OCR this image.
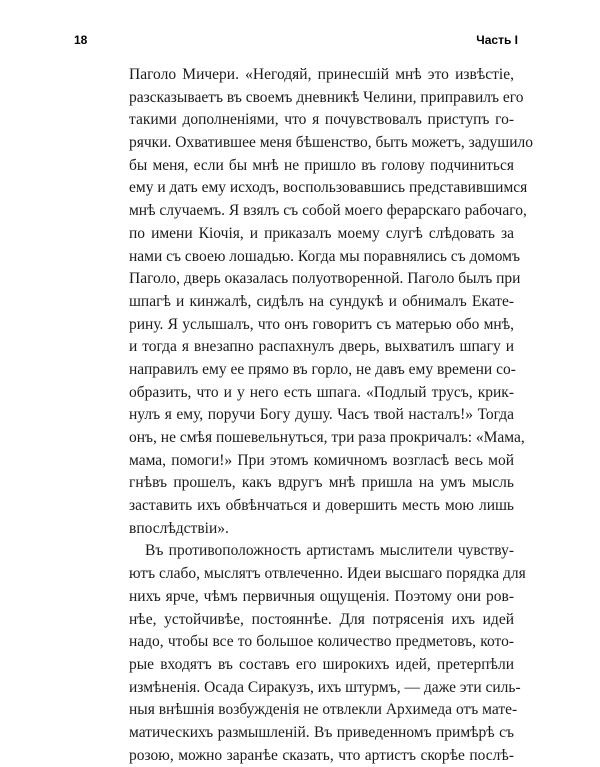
18	Часть I
Паголо Мичери. «Негодяй, принесшій мнѣ это извѣстіе,
разсказываетъ въ своемъ дневникѣ Челини, приправилъ его
такими дополненіями, что я почувствовалъ приступъ го-
рячки. Охватившее меня бѣшенство, быть можетъ, задушило
бы меня, если бы мнѣ не пришло въ голову подчиниться
ему и дать ему исходъ, воспользовавшись представившимся
мнѣ случаемъ. Я взялъ съ собой моего ферарскаго рабочаго,
по имени Кіочія, и приказалъ моему слугѣ слѣдовать за
нами съ своею лошадью. Когда мы поравнялись съ домомъ
Паголо, дверь оказалась полуотворенной. Паголо былъ при
шпагѣ и кинжалѣ, сидѣлъ на сундукѣ и обнималъ Екате-
рину. Я услышалъ, что онъ говоритъ съ матерью обо мнѣ,
и тогда я внезапно распахнулъ дверь, выхватилъ шпагу и
направилъ ему ее прямо въ горло, не давъ ему времени со-
образить, что и у него есть шпага. «Подлый трусъ, крик-
нулъ я ему, поручи Богу душу. Часъ твой насталъ!» Тогда
онъ, не смѣя пошевельнуться, три раза прокричалъ: «Мама,
мама, помоги!» При этомъ комичномъ возгласѣ весь мой
гнѣвъ прошелъ, какъ вдругъ мнѣ пришла на умъ мысль
заставить ихъ обвѣнчаться и довершить месть мою лишь
впослѣдствіи».
Въ противоположность артистамъ мыслители чувству-
ютъ слабо, мыслятъ отвлеченно. Идеи высшаго порядка для
нихъ ярче, чѣмъ первичныя ощущенія. Поэтому они ров-
нѣе, устойчивѣе, постояннѣе. Для потрясенія ихъ идей
надо, чтобы все то большое количество предметовъ, кото-
рые входятъ въ составъ его широкихъ идей, претерпѣли
измѣненія. Осада Сиракузъ, ихъ штурмъ, — даже эти силь-
ныя внѣшнія возбужденія не отвлекли Архимеда отъ мате-
матическихъ размышленій. Въ приведенномъ примѣрѣ съ
розою, можно заранѣе сказать, что артистъ скорѣе послѣ-
